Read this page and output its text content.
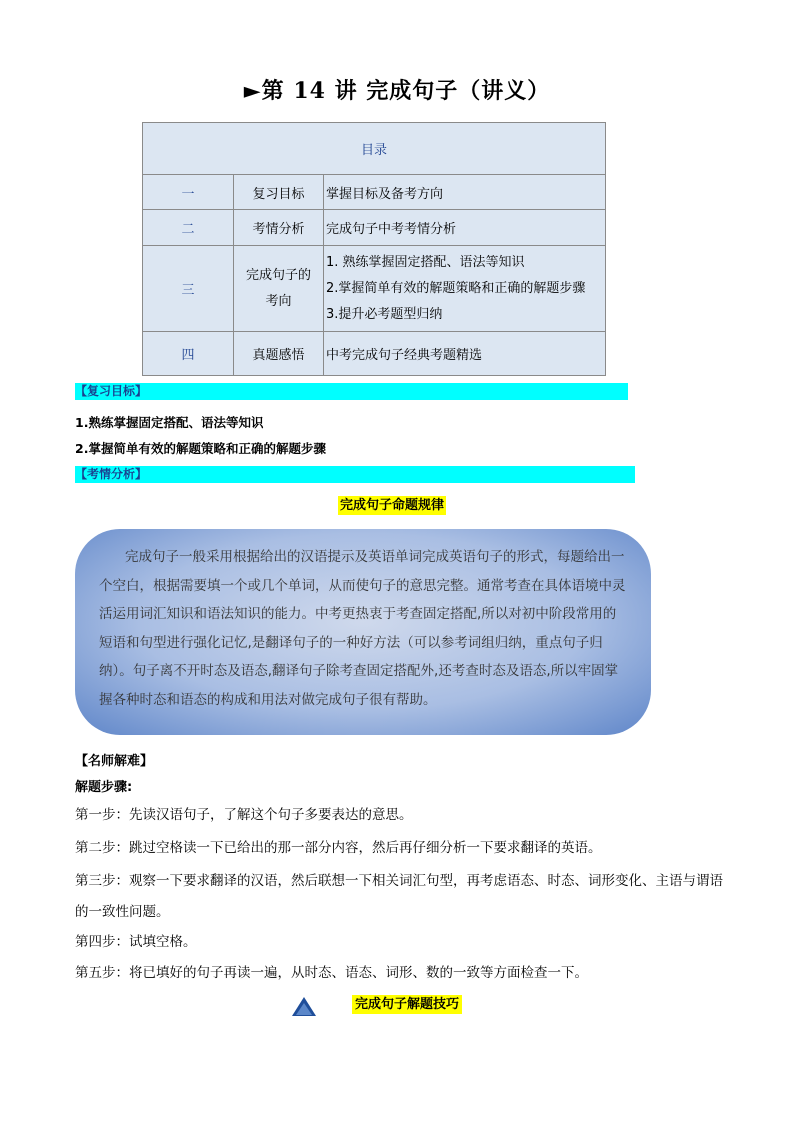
►第 14 讲 完成句子（讲义）
目录		
一	复习目标	掌握目标及备考方向
二	考情分析	完成句子中考考情分析
三	完成句子的考向	1. 熟练掌握固定搭配、语法等知识
2.掌握简单有效的解题策略和正确的解题步骤
3.提升必考题型归纳

四	真题感悟	中考完成句子经典考题精选
【复习目标】
1.熟练掌握固定搭配、语法等知识
2.掌握简单有效的解题策略和正确的解题步骤
【考情分析】
完成句子命题规律
完成句子一般采用根据给出的汉语提示及英语单词完成英语句子的形式，每题给出一个空白，根据需要填一个或几个单词，从而使句子的意思完整。通常考查在具体语境中灵活运用词汇知识和语法知识的能力。中考更热衷于考查固定搭配,所以对初中阶段常用的短语和句型进行强化记忆,是翻译句子的一种好方法（可以参考词组归纳，重点句子归纳）。句子离不开时态及语态,翻译句子除考查固定搭配外,还考查时态及语态,所以牢固掌握各种时态和语态的构成和用法对做完成句子很有帮助。
【名师解难】
解题步骤:
第一步：先读汉语句子，了解这个句子多要表达的意思。
第二步：跳过空格读一下已给出的那一部分内容，然后再仔细分析一下要求翻译的英语。
第三步：观察一下要求翻译的汉语，然后联想一下相关词汇句型，再考虑语态、时态、词形变化、主语与谓语的一致性问题。
第四步：试填空格。
第五步：将已填好的句子再读一遍，从时态、语态、词形、数的一致等方面检查一下。
完成句子解题技巧
